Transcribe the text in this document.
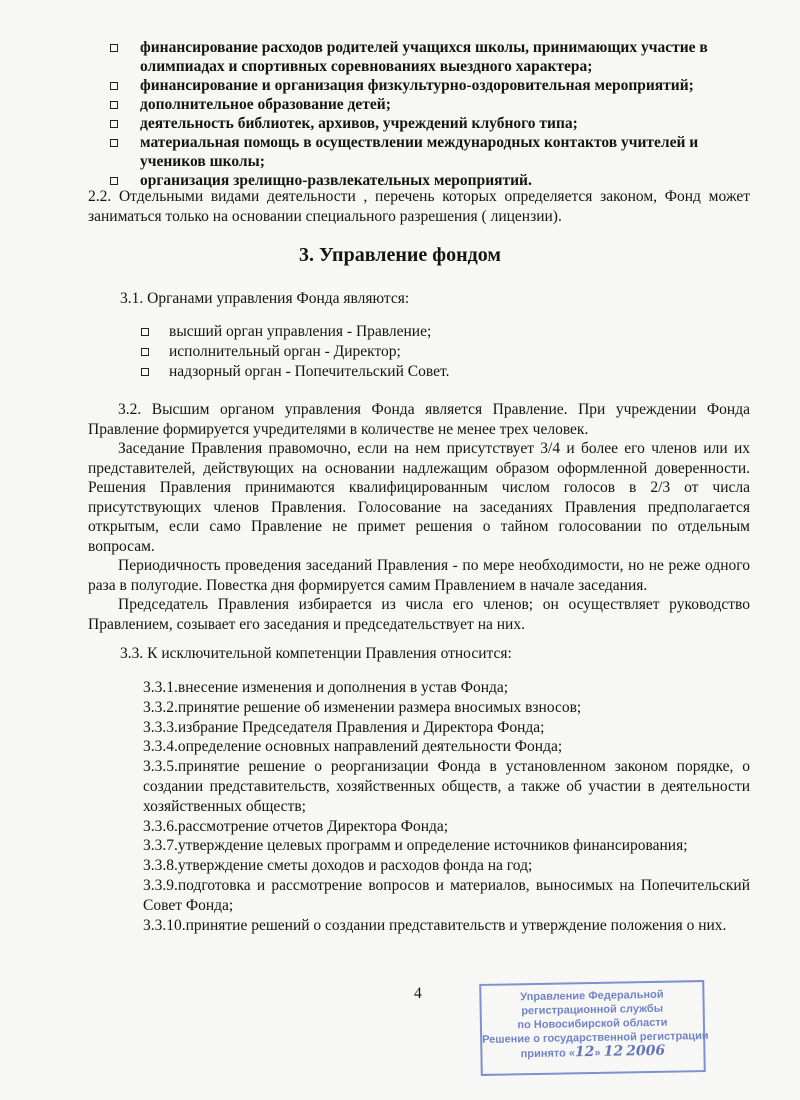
финансирование расходов родителей учащихся школы, принимающих участие в олимпиадах и спортивных соревнованиях выездного характера;
финансирование и организация физкультурно-оздоровительная мероприятий;
дополнительное образование детей;
деятельность библиотек, архивов, учреждений клубного типа;
материальная помощь в осуществлении международных контактов учителей и учеников школы;
организация зрелищно-развлекательных мероприятий.
2.2. Отдельными видами деятельности , перечень которых определяется законом, Фонд может заниматься только на основании специального разрешения ( лицензии).
3. Управление фондом
3.1. Органами управления Фонда являются:
высший орган управления - Правление;
исполнительный орган - Директор;
надзорный орган - Попечительский Совет.

3.2. Высшим органом управления Фонда является Правление. При учреждении Фонда Правление формируется учредителями в количестве не менее трех человек.

Заседание Правления правомочно, если на нем присутствует 3/4 и более его членов или их представителей, действующих на основании надлежащим образом оформленной доверенности. Решения Правления принимаются квалифицированным числом голосов в 2/3 от числа присутствующих членов Правления. Голосование на заседаниях Правления предполагается открытым, если само Правление не примет решения о тайном голосовании по отдельным вопросам.

Периодичность проведения заседаний Правления - по мере необходимости, но не реже одного раза в полугодие. Повестка дня формируется самим Правлением в начале заседания.

Председатель Правления избирается из числа его членов; он осуществляет руководство Правлением, созывает его заседания и председательствует на них.

3.3. К исключительной компетенции Правления относится:
3.3.1.внесение изменения и дополнения в устав Фонда;
3.3.2.принятие решение об изменении размера вносимых взносов;
3.3.3.избрание Председателя Правления и Директора Фонда;
3.3.4.определение основных направлений деятельности Фонда;
3.3.5.принятие решение о реорганизации Фонда в установленном законом порядке, о создании представительств, хозяйственных обществ, а также об участии в деятельности хозяйственных обществ;
3.3.6.рассмотрение отчетов Директора Фонда;
3.3.7.утверждение целевых программ и определение источников финансирования;
3.3.8.утверждение сметы доходов и расходов фонда на год;
3.3.9.подготовка и рассмотрение вопросов и материалов, выносимых на Попечительский Совет Фонда;
3.3.10.принятие решений о создании представительств и утверждение положения о них.
4	Управление Федеральной
регистрационной службы
по Новосибирской области
Решение о государственной регистрации
принято «12» 12 2006
